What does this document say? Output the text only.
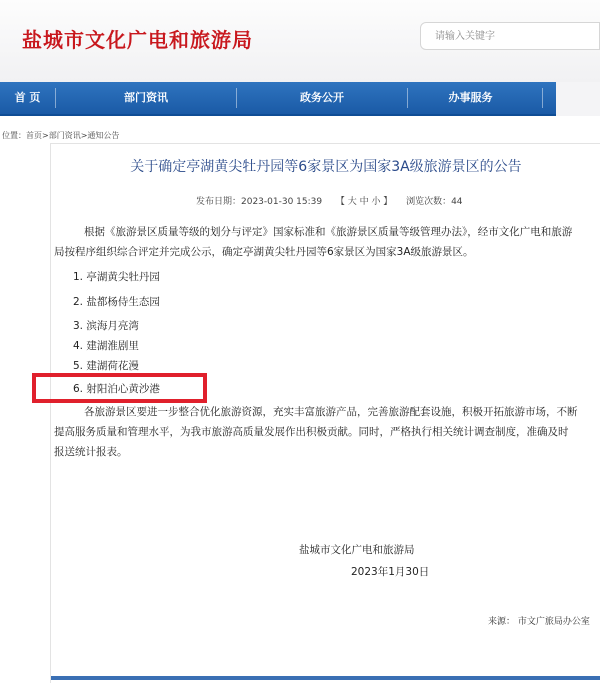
盐城市文化广电和旅游局
请输入关键字
首 页	部门资讯	政务公开	办事服务
位置：首页>部门资讯>通知公告
关于确定亭湖黄尖牡丹园等6家景区为国家3A级旅游景区的公告
发布日期：2023-01-30 15:39 【 大 中 小 】 浏览次数：44
根据《旅游景区质量等级的划分与评定》国家标准和《旅游景区质量等级管理办法》，经市文化广电和旅游
局按程序组织综合评定并完成公示，确定亭湖黄尖牡丹园等6家景区为国家3A级旅游景区。
1. 亭湖黄尖牡丹园
2. 盐都杨侍生态园
3. 滨海月亮湾
4. 建湖淮剧里
5. 建湖荷花漫
6. 射阳泊心黄沙港
各旅游景区要进一步整合优化旅游资源，充实丰富旅游产品，完善旅游配套设施，积极开拓旅游市场，不断
提高服务质量和管理水平，为我市旅游高质量发展作出积极贡献。同时，严格执行相关统计调查制度，准确及时
报送统计报表。
盐城市文化广电和旅游局
2023年1月30日
来源： 市文广旅局办公室
